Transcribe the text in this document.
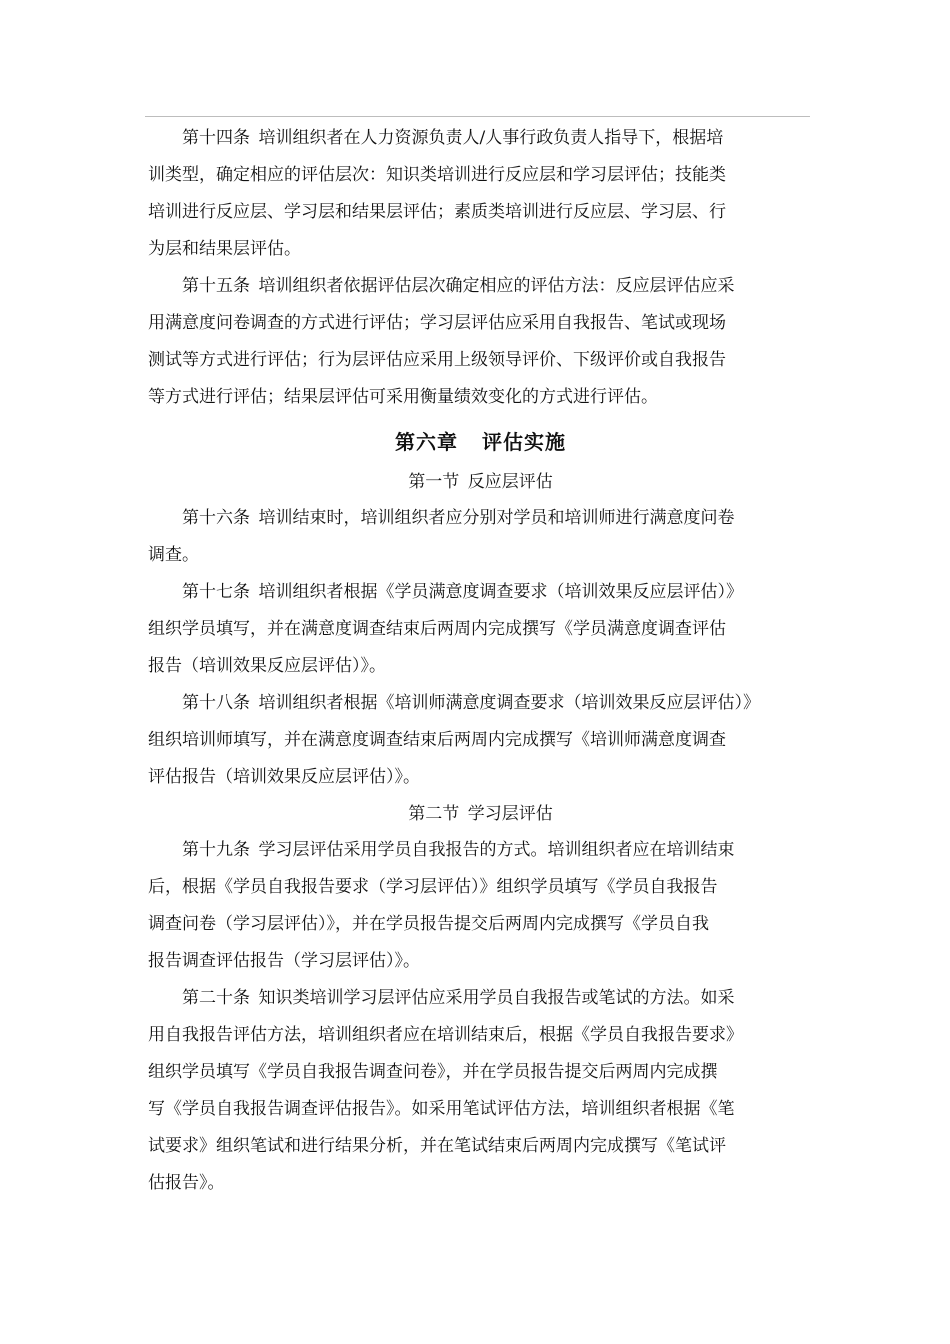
第十四条 培训组织者在人力资源负责人/人事行政负责人指导下，根据培
训类型，确定相应的评估层次：知识类培训进行反应层和学习层评估；技能类
培训进行反应层、学习层和结果层评估；素质类培训进行反应层、学习层、行
为层和结果层评估。
第十五条 培训组织者依据评估层次确定相应的评估方法：反应层评估应采
用满意度问卷调查的方式进行评估；学习层评估应采用自我报告、笔试或现场
测试等方式进行评估；行为层评估应采用上级领导评价、下级评价或自我报告
等方式进行评估；结果层评估可采用衡量绩效变化的方式进行评估。
第六章 评估实施
第一节 反应层评估
第十六条 培训结束时，培训组织者应分别对学员和培训师进行满意度问卷
调查。
第十七条 培训组织者根据《学员满意度调查要求（培训效果反应层评估）》
组织学员填写，并在满意度调查结束后两周内完成撰写《学员满意度调查评估
报告（培训效果反应层评估）》。
第十八条 培训组织者根据《培训师满意度调查要求（培训效果反应层评估）》
组织培训师填写，并在满意度调查结束后两周内完成撰写《培训师满意度调查
评估报告（培训效果反应层评估）》。
第二节 学习层评估
第十九条 学习层评估采用学员自我报告的方式。培训组织者应在培训结束
后，根据《学员自我报告要求（学习层评估）》组织学员填写《学员自我报告
调查问卷（学习层评估）》，并在学员报告提交后两周内完成撰写《学员自我
报告调查评估报告（学习层评估）》。
第二十条 知识类培训学习层评估应采用学员自我报告或笔试的方法。如采
用自我报告评估方法，培训组织者应在培训结束后，根据《学员自我报告要求》
组织学员填写《学员自我报告调查问卷》，并在学员报告提交后两周内完成撰
写《学员自我报告调查评估报告》。如采用笔试评估方法，培训组织者根据《笔
试要求》组织笔试和进行结果分析，并在笔试结束后两周内完成撰写《笔试评
估报告》。
